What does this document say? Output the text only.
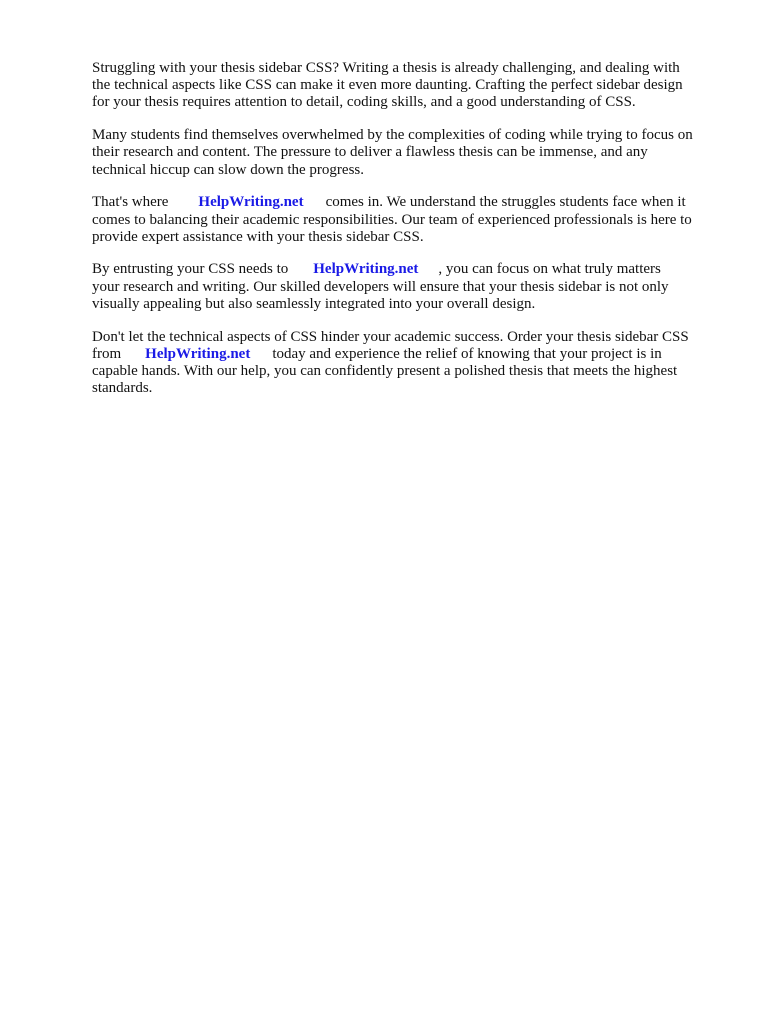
Struggling with your thesis sidebar CSS? Writing a thesis is already challenging, and dealing with
the technical aspects like CSS can make it even more daunting. Crafting the perfect sidebar design
for your thesis requires attention to detail, coding skills, and a good understanding of CSS.

Many students find themselves overwhelmed by the complexities of coding while trying to focus on
their research and content. The pressure to deliver a flawless thesis can be immense, and any
technical hiccup can slow down the progress.

That's where HelpWriting.net comes in. We understand the struggles students face when it
comes to balancing their academic responsibilities. Our team of experienced professionals is here to
provide expert assistance with your thesis sidebar CSS.

By entrusting your CSS needs to HelpWriting.net , you can focus on what truly matters
your research and writing. Our skilled developers will ensure that your thesis sidebar is not only
visually appealing but also seamlessly integrated into your overall design.

Don't let the technical aspects of CSS hinder your academic success. Order your thesis sidebar CSS
from HelpWriting.net today and experience the relief of knowing that your project is in
capable hands. With our help, you can confidently present a polished thesis that meets the highest
standards.
